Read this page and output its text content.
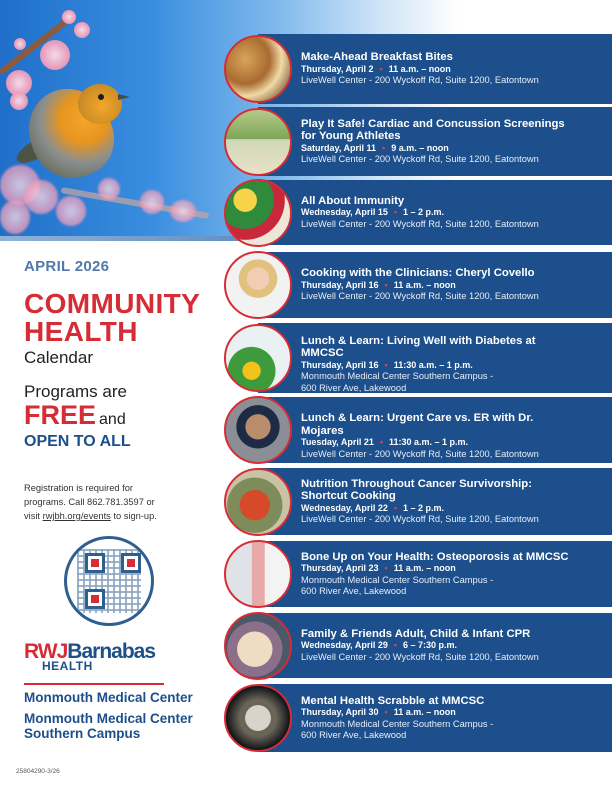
APRIL 2026
COMMUNITY
HEALTH
Calendar
Programs are
FREE and
OPEN TO ALL
Registration is required for
programs. Call 862.781.3597 or
visit rwjbh.org/events to sign-up.
RWJBarnabas
HEALTH
Monmouth Medical Center
Monmouth Medical Center Southern Campus
25804290-3/26
Make-Ahead Breakfast Bites
Thursday, April 2 • 11 a.m. – noon
LiveWell Center - 200 Wyckoff Rd, Suite 1200, Eatontown
Play It Safe! Cardiac and Concussion Screenings for Young Athletes
Saturday, April 11 • 9 a.m. – noon
LiveWell Center - 200 Wyckoff Rd, Suite 1200, Eatontown
All About Immunity
Wednesday, April 15 • 1 – 2 p.m.
LiveWell Center - 200 Wyckoff Rd, Suite 1200, Eatontown
Cooking with the Clinicians: Cheryl Covello
Thursday, April 16 • 11 a.m. – noon
LiveWell Center - 200 Wyckoff Rd, Suite 1200, Eatontown
Lunch & Learn: Living Well with Diabetes at MMCSC
Thursday, April 16 • 11:30 a.m. – 1 p.m.
Monmouth Medical Center Southern Campus - 600 River Ave, Lakewood
Lunch & Learn: Urgent Care vs. ER with Dr. Mojares
Tuesday, April 21 • 11:30 a.m. – 1 p.m.
LiveWell Center - 200 Wyckoff Rd, Suite 1200, Eatontown
Nutrition Throughout Cancer Survivorship: Shortcut Cooking
Wednesday, April 22 • 1 – 2 p.m.
LiveWell Center - 200 Wyckoff Rd, Suite 1200, Eatontown
Bone Up on Your Health: Osteoporosis at MMCSC
Thursday, April 23 • 11 a.m. – noon
Monmouth Medical Center Southern Campus - 600 River Ave, Lakewood
Family & Friends Adult, Child & Infant CPR
Wednesday, April 29 • 6 – 7:30 p.m.
LiveWell Center - 200 Wyckoff Rd, Suite 1200, Eatontown
Mental Health Scrabble at MMCSC
Thursday, April 30 • 11 a.m. – noon
Monmouth Medical Center Southern Campus - 600 River Ave, Lakewood
